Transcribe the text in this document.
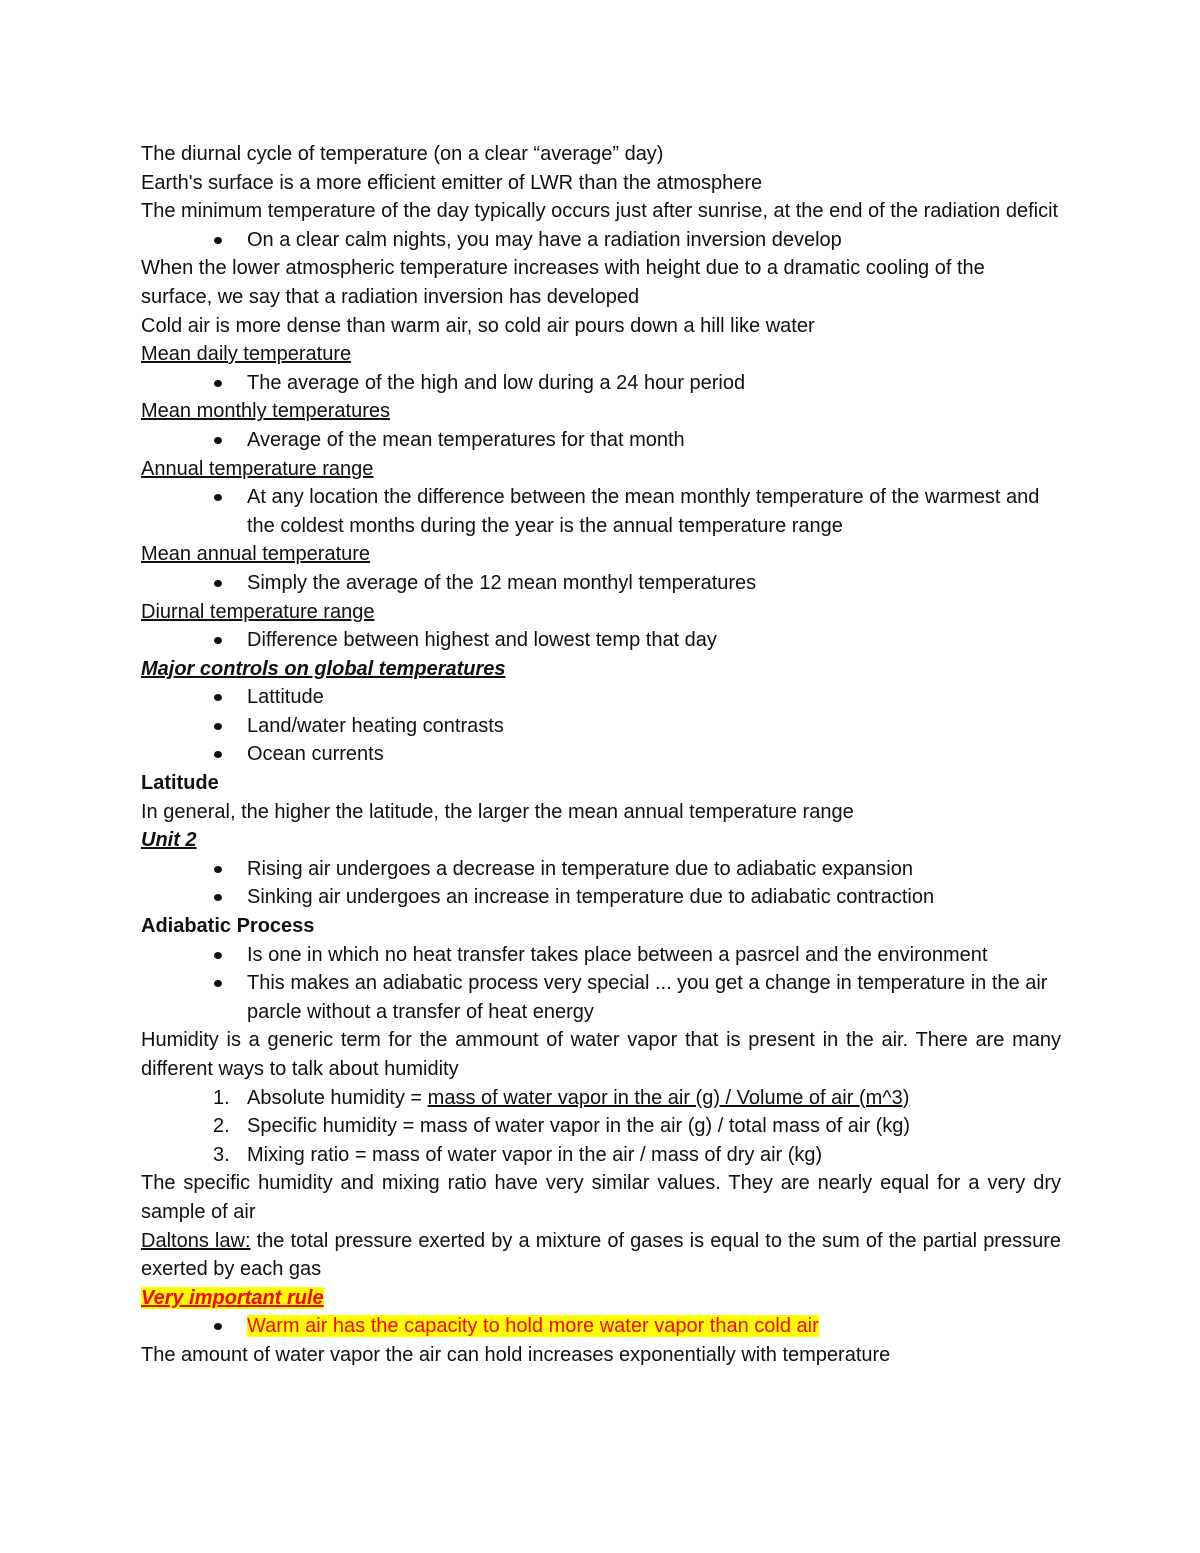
The diurnal cycle of temperature (on a clear “average” day)

Earth's surface is a more efficient emitter of LWR than the atmosphere

The minimum temperature of the day typically occurs just after sunrise, at the end of the radiation deficit

On a clear calm nights, you may have a radiation inversion develop

When the lower atmospheric temperature increases with height due to a dramatic cooling of the surface, we say that a radiation inversion has developed

Cold air is more dense than warm air, so cold air pours down a hill like water

Mean daily temperature

The average of the high and low during a 24 hour period

Mean monthly temperatures

Average of the mean temperatures for that month

Annual temperature range

At any location the difference between the mean monthly temperature of the warmest and the coldest months during the year is the annual temperature range

Mean annual temperature

Simply the average of the 12 mean monthyl temperatures

Diurnal temperature range

Difference between highest and lowest temp that day

Major controls on global temperatures

Lattitude
Land/water heating contrasts
Ocean currents

Latitude

In general, the higher the latitude, the larger the mean annual temperature range

Unit 2

Rising air undergoes a decrease in temperature due to adiabatic expansion
Sinking air undergoes an increase in temperature due to adiabatic contraction

Adiabatic Process

Is one in which no heat transfer takes place between a pasrcel and the environment
This makes an adiabatic process very special ... you get a change in temperature in the air parcle without a transfer of heat energy

Humidity is a generic term for the ammount of water vapor that is present in the air. There are many different ways to talk about humidity

1. Absolute humidity = mass of water vapor in the air (g) / Volume of air (m^3)
2. Specific humidity = mass of water vapor in the air (g) / total mass of air (kg)
3. Mixing ratio = mass of water vapor in the air / mass of dry air (kg)

The specific humidity and mixing ratio have very similar values. They are nearly equal for a very dry sample of air

Daltons law: the total pressure exerted by a mixture of gases is equal to the sum of the partial pressure exerted by each gas

Very important rule

Warm air has the capacity to hold more water vapor than cold air

The amount of water vapor the air can hold increases exponentially with temperature
